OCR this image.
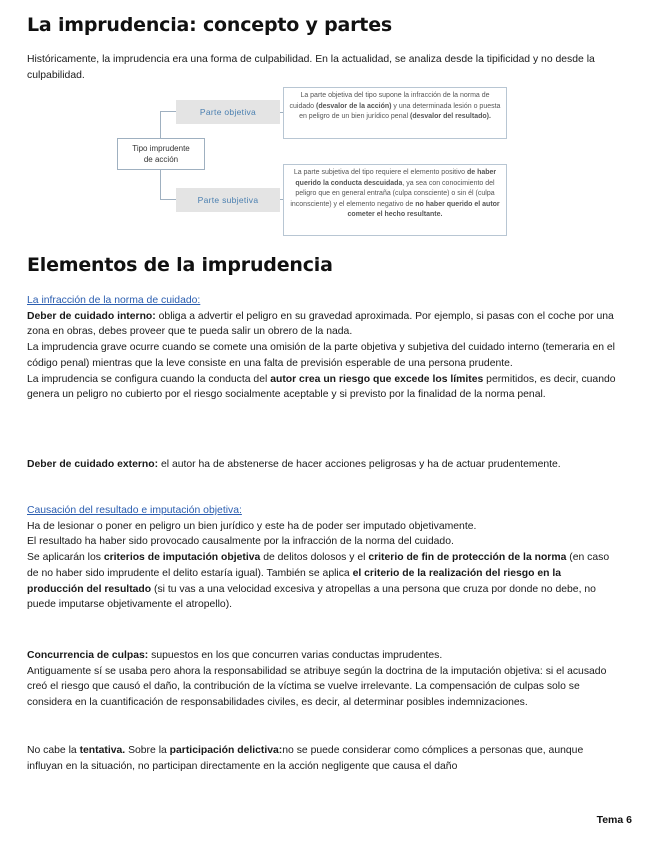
La imprudencia: concepto y partes

Históricamente, la imprudencia era una forma de culpabilidad. En la actualidad, se analiza desde la tipificidad y no desde la culpabilidad.

Tipo imprudente
de acción
Parte objetiva
Parte subjetiva
La parte objetiva del tipo supone la infracción de la norma de cuidado (desvalor de la acción) y una determinada lesión o puesta en peligro de un bien jurídico penal (desvalor del resultado).
La parte subjetiva del tipo requiere el elemento positivo de haber querido la conducta descuidada, ya sea con conocimiento del peligro que en general entraña (culpa consciente) o sin él (culpa inconsciente) y el elemento negativo de no haber querido el autor cometer el hecho resultante.
Elementos de la imprudencia

La infracción de la norma de cuidado:

Deber de cuidado interno: obliga a advertir el peligro en su gravedad aproximada. Por ejemplo, si pasas con el coche por una zona en obras, debes proveer que te pueda salir un obrero de la nada.

La imprudencia grave ocurre cuando se comete una omisión de la parte objetiva y subjetiva del cuidado interno (temeraria en el código penal) mientras que la leve consiste en una falta de previsión esperable de una persona prudente.

La imprudencia se configura cuando la conducta del autor crea un riesgo que excede los límites permitidos, es decir, cuando genera un peligro no cubierto por el riesgo socialmente aceptable y si previsto por la finalidad de la norma penal.

Deber de cuidado externo: el autor ha de abstenerse de hacer acciones peligrosas y ha de actuar prudentemente.

Causación del resultado e imputación objetiva:

Ha de lesionar o poner en peligro un bien jurídico y este ha de poder ser imputado objetivamente.

El resultado ha haber sido provocado causalmente por la infracción de la norma del cuidado.

Se aplicarán los criterios de imputación objetiva de delitos dolosos y el criterio de fin de protección de la norma (en caso de no haber sido imprudente el delito estaría igual). También se aplica el criterio de la realización del riesgo en la producción del resultado (si tu vas a una velocidad excesiva y atropellas a una persona que cruza por donde no debe, no puede imputarse objetivamente el atropello).

Concurrencia de culpas: supuestos en los que concurren varias conductas imprudentes.

Antiguamente sí se usaba pero ahora la responsabilidad se atribuye según la doctrina de la imputación objetiva: si el acusado creó el riesgo que causó el daño, la contribución de la víctima se vuelve irrelevante. La compensación de culpas solo se considera en la cuantificación de responsabilidades civiles, es decir, al determinar posibles indemnizaciones.

No cabe la tentativa. Sobre la participación delictiva:no se puede considerar como cómplices a personas que, aunque influyan en la situación, no participan directamente en la acción negligente que causa el daño

Tema 6
